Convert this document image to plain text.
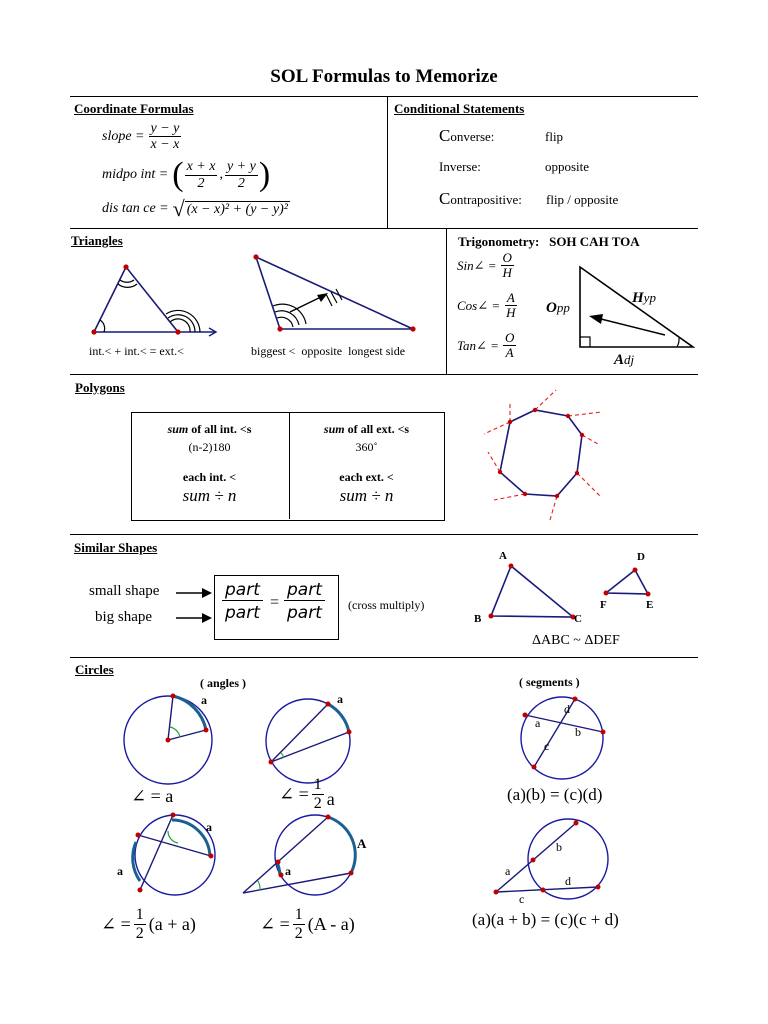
SOL Formulas to Memorize
Coordinate Formulas
slope = $\frac{y - y}{x - x}$
midpo int = ( $\frac{x + x}{2}$ , $\frac{y + y}{2}$ )
dis tan ce = √ (x − x)² + (y − y)²
Conditional Statements
Converse:	flip
Inverse:	opposite
Contrapositive: flip / opposite
Triangles
int.< + int.< = ext.<	biggest <  opposite  longest side
Trigonometry:   SOH CAH TOA
Sin∠ = $\frac{O}{H}$
Cos∠ = $\frac{A}{H}$
Tan∠ = $\frac{O}{A}$
Opp
Hyp
Adj
Polygons
sum of all int. <s
(n-2)180
each int. <
sum ÷ n
sum of all ext. <s
360˚
each ext. <
sum ÷ n
Similar Shapes
small shape
big shape
part
part
=
part
part (cross multiply)
A
B	C
D
E
F
ΔABC ~ ΔDEF
Circles
( angles )	( segments )
a	a
a
a
A
a
a
b
c
d
a
b
c
d
∠ = a	∠ = $\frac{1}{2}$ a
∠ = $\frac{1}{2} (a + a)$	∠ = $\frac{1}{2} (A - a)$
(a)(b) = (c)(d)
(a)(a + b) = (c)(c + d)
